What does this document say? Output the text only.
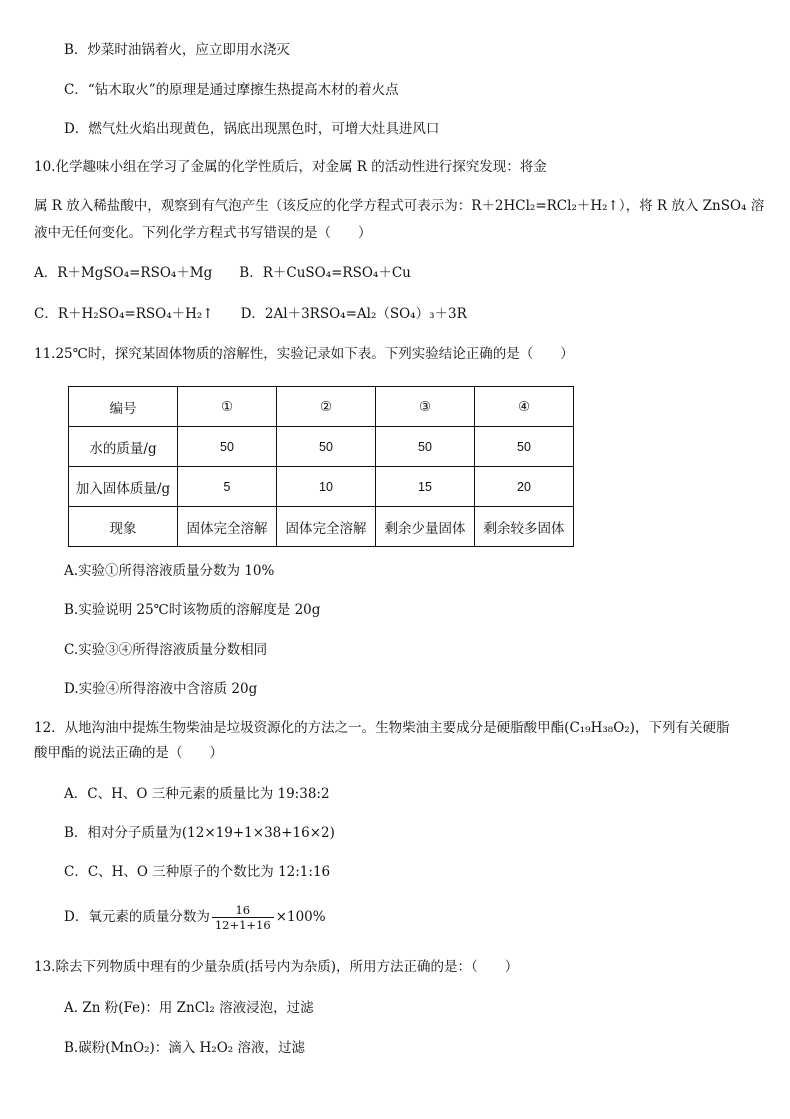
B．炒菜时油锅着火，应立即用水浇灭
C．“钻木取火”的原理是通过摩擦生热提高木材的着火点
D．燃气灶火焰出现黄色，锅底出现黑色时，可增大灶具进风口
10.化学趣味小组在学习了金属的化学性质后，对金属 R 的活动性进行探究发现：将金
属 R 放入稀盐酸中，观察到有气泡产生（该反应的化学方程式可表示为：R＋2HCl₂=RCl₂＋H₂↑），将 R 放入 ZnSO₄ 溶
液中无任何变化。下列化学方程式书写错误的是（　　）
A．R＋MgSO₄=RSO₄＋Mg　　B．R＋CuSO₄=RSO₄＋Cu
C．R＋H₂SO₄=RSO₄＋H₂↑　　D．2Al＋3RSO₄=Al₂（SO₄）₃＋3R
11.25℃时，探究某固体物质的溶解性，实验记录如下表。下列实验结论正确的是（　　）
编号	①	②	③	④
水的质量/g	50	50	50	50
加入固体质量/g	5	10	15	20
现象	固体完全溶解	固体完全溶解	剩余少量固体	剩余较多固体
A.实验①所得溶液质量分数为 10%
B.实验说明 25℃时该物质的溶解度是 20g
C.实验③④所得溶液质量分数相同
D.实验④所得溶液中含溶质 20g
12．从地沟油中提炼生物柴油是垃圾资源化的方法之一。生物柴油主要成分是硬脂酸甲酯(C₁₉H₃₈O₂)，下列有关硬脂
酸甲酯的说法正确的是（　　）
A．C、H、O 三种元素的质量比为 19:38:2
B．相对分子质量为(12×19+1×38+16×2)
C．C、H、O 三种原子的个数比为 12:1:16
D．氧元素的质量分数为 $\frac{16}{12+1+16} \times 100\%$
13.除去下列物质中理有的少量杂质(括号内为杂质)，所用方法正确的是：（　　）
A. Zn 粉(Fe)：用 ZnCl₂ 溶液浸泡，过滤
B.碳粉(MnO₂)：滴入 H₂O₂ 溶液，过滤
